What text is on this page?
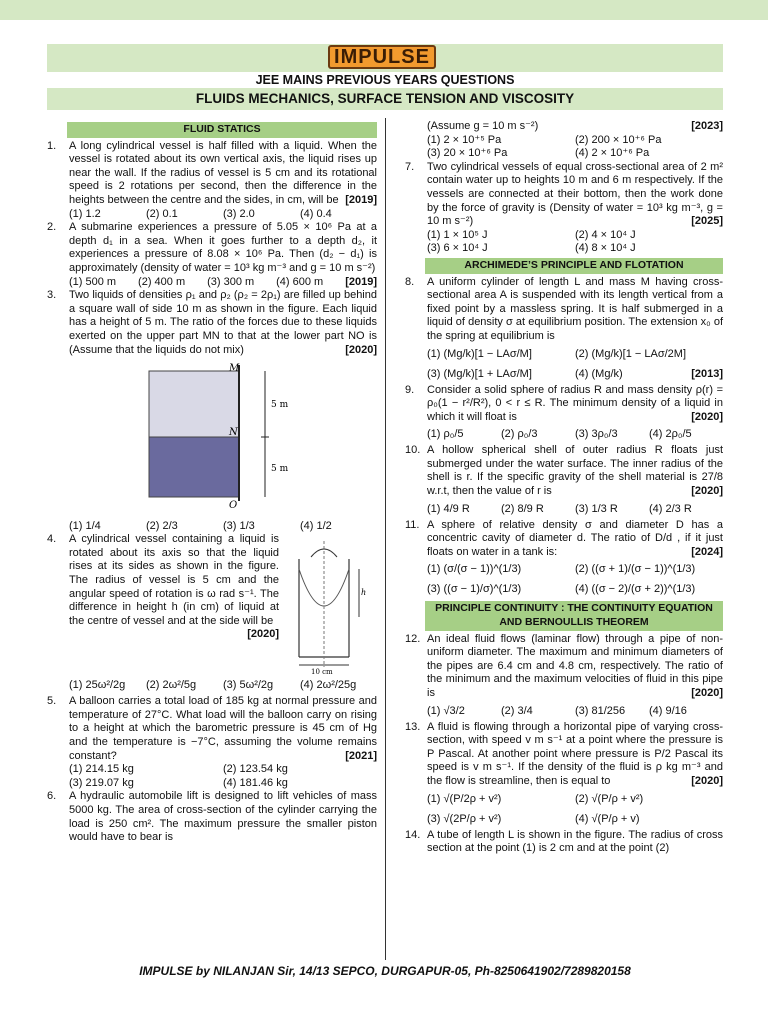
IMPULSE
JEE MAINS PREVIOUS YEARS QUESTIONS
FLUIDS MECHANICS, SURFACE TENSION AND VISCOSITY
FLUID STATICS
1. A long cylindrical vessel is half filled with a liquid. When the vessel is rotated about its own vertical axis, the liquid rises up near the wall. If the radius of vessel is 5 cm and its rotational speed is 2 rotations per second, then the difference in the heights between the centre and the sides, in cm, will be [2019]
(1) 1.2	(2) 0.1	(3) 2.0	(4) 0.4
2. A submarine experiences a pressure of 5.05 × 10⁶ Pa at a depth d₁ in a sea. When it goes further to a depth d₂, it experiences a pressure of 8.08 × 10⁶ Pa. Then (d₂ − d₁) is approximately (density of water = 10³ kg m⁻³ and g = 10 m s⁻²)
[2019]
(1) 500 m	(2) 400 m	(3) 300 m	(4) 600 m
3. Two liquids of densities ρ₁ and ρ₂ (ρ₂ = 2ρ₁) are filled up behind a square wall of side 10 m as shown in the figure. Each liquid has a height of 5 m. The ratio of the forces due to these liquids exerted on the upper part MN to that at the lower part NO is (Assume that the liquids do not mix)	[2020]
M
N
O
5 m
5 m
(1) 1/4	(2) 2/3	(3) 1/3	(4) 1/2
4. A cylindrical vessel containing a liquid is rotated about its axis so that the liquid rises at its sides as shown in the figure. The radius of vessel is 5 cm and the angular speed of rotation is ω rad s⁻¹. The difference in height h (in cm) of liquid at the centre of vessel and at the side will be
[2020]
h
10 cm
(1) 25ω²/2g	(2) 2ω²/5g	(3) 5ω²/2g	(4) 2ω²/25g
5. A balloon carries a total load of 185 kg at normal pressure and temperature of 27°C. What load will the balloon carry on rising to a height at which the barometric pressure is 45 cm of Hg and the temperature is −7°C, assuming the volume remains constant?	[2021]
(1) 214.15 kg	(2) 123.54 kg
(3) 219.07 kg	(4) 181.46 kg
6. A hydraulic automobile lift is designed to lift vehicles of mass 5000 kg. The area of cross-section of the cylinder carrying the load is 250 cm². The maximum pressure the smaller piston would have to bear is
(Assume g = 10 m s⁻²)	[2023]
(1) 2 × 10⁺⁵ Pa	(2) 200 × 10⁺⁶ Pa
(3) 20 × 10⁺⁶ Pa	(4) 2 × 10⁺⁶ Pa
7. Two cylindrical vessels of equal cross-sectional area of 2 m² contain water up to heights 10 m and 6 m respectively. If the vessels are connected at their bottom, then the work done by the force of gravity is (Density of water = 10³ kg m⁻³, g = 10 m s⁻²)	[2025]
(1) 1 × 10⁵ J	(2) 4 × 10⁴ J
(3) 6 × 10⁴ J	(4) 8 × 10⁴ J
ARCHIMEDE’S PRINCIPLE AND FLOTATION
8. A uniform cylinder of length L and mass M having cross-sectional area A is suspended with its length vertical from a fixed point by a massless spring. It is half submerged in a liquid of density σ at equilibrium position. The extension x₀ of the spring at equilibrium is
(1) (Mg/k)[1 − LAσ/M]	(2) (Mg/k)[1 − LAσ/2M]
(3) (Mg/k)[1 + LAσ/M]	(4) (Mg/k)	[2013]
9. Consider a solid sphere of radius R and mass density ρ(r) = ρ₀(1 − r²/R²), 0 < r ≤ R. The minimum density of a liquid in which it will float is	[2020]
(1) ρ₀/5	(2) ρ₀/3	(3) 3ρ₀/3	(4) 2ρ₀/5
10. A hollow spherical shell of outer radius R floats just submerged under the water surface. The inner radius of the shell is r. If the specific gravity of the shell material is 27/8 w.r.t, then the value of r is	[2020]
(1) 4/9 R	(2) 8/9 R	(3) 1/3 R	(4) 2/3 R
11. A sphere of relative density σ and diameter D has a concentric cavity of diameter d. The ratio of D/d , if it just floats on water in a tank is:	[2024]
(1) (σ/(σ − 1))^(1/3)	(2) ((σ + 1)/(σ − 1))^(1/3)
(3) ((σ − 1)/σ)^(1/3)	(4) ((σ − 2)/(σ + 2))^(1/3)
PRINCIPLE CONTINUITY : THE CONTINUITY EQUATION AND BERNOULLIS THEOREM
12. An ideal fluid flows (laminar flow) through a pipe of non-uniform diameter. The maximum and minimum diameters of the pipes are 6.4 cm and 4.8 cm, respectively. The ratio of the minimum and the maximum velocities of fluid in this pipe is	[2020]
(1) √3/2	(2) 3/4	(3) 81/256	(4) 9/16
13. A fluid is flowing through a horizontal pipe of varying cross-section, with speed v m s⁻¹ at a point where the pressure is P Pascal. At another point where pressure is P/2 Pascal its speed is v m s⁻¹. If the density of the fluid is ρ kg m⁻³ and the flow is streamline, then is equal to	[2020]
(1) √(P/2ρ + v²)	(2) √(P/ρ + v²)
(3) √(2P/ρ + v²)	(4) √(P/ρ + v)
14. A tube of length L is shown in the figure. The radius of cross section at the point (1) is 2 cm and at the point (2)
IMPULSE by NILANJAN Sir, 14/13 SEPCO, DURGAPUR-05, Ph-8250641902/7289820158
